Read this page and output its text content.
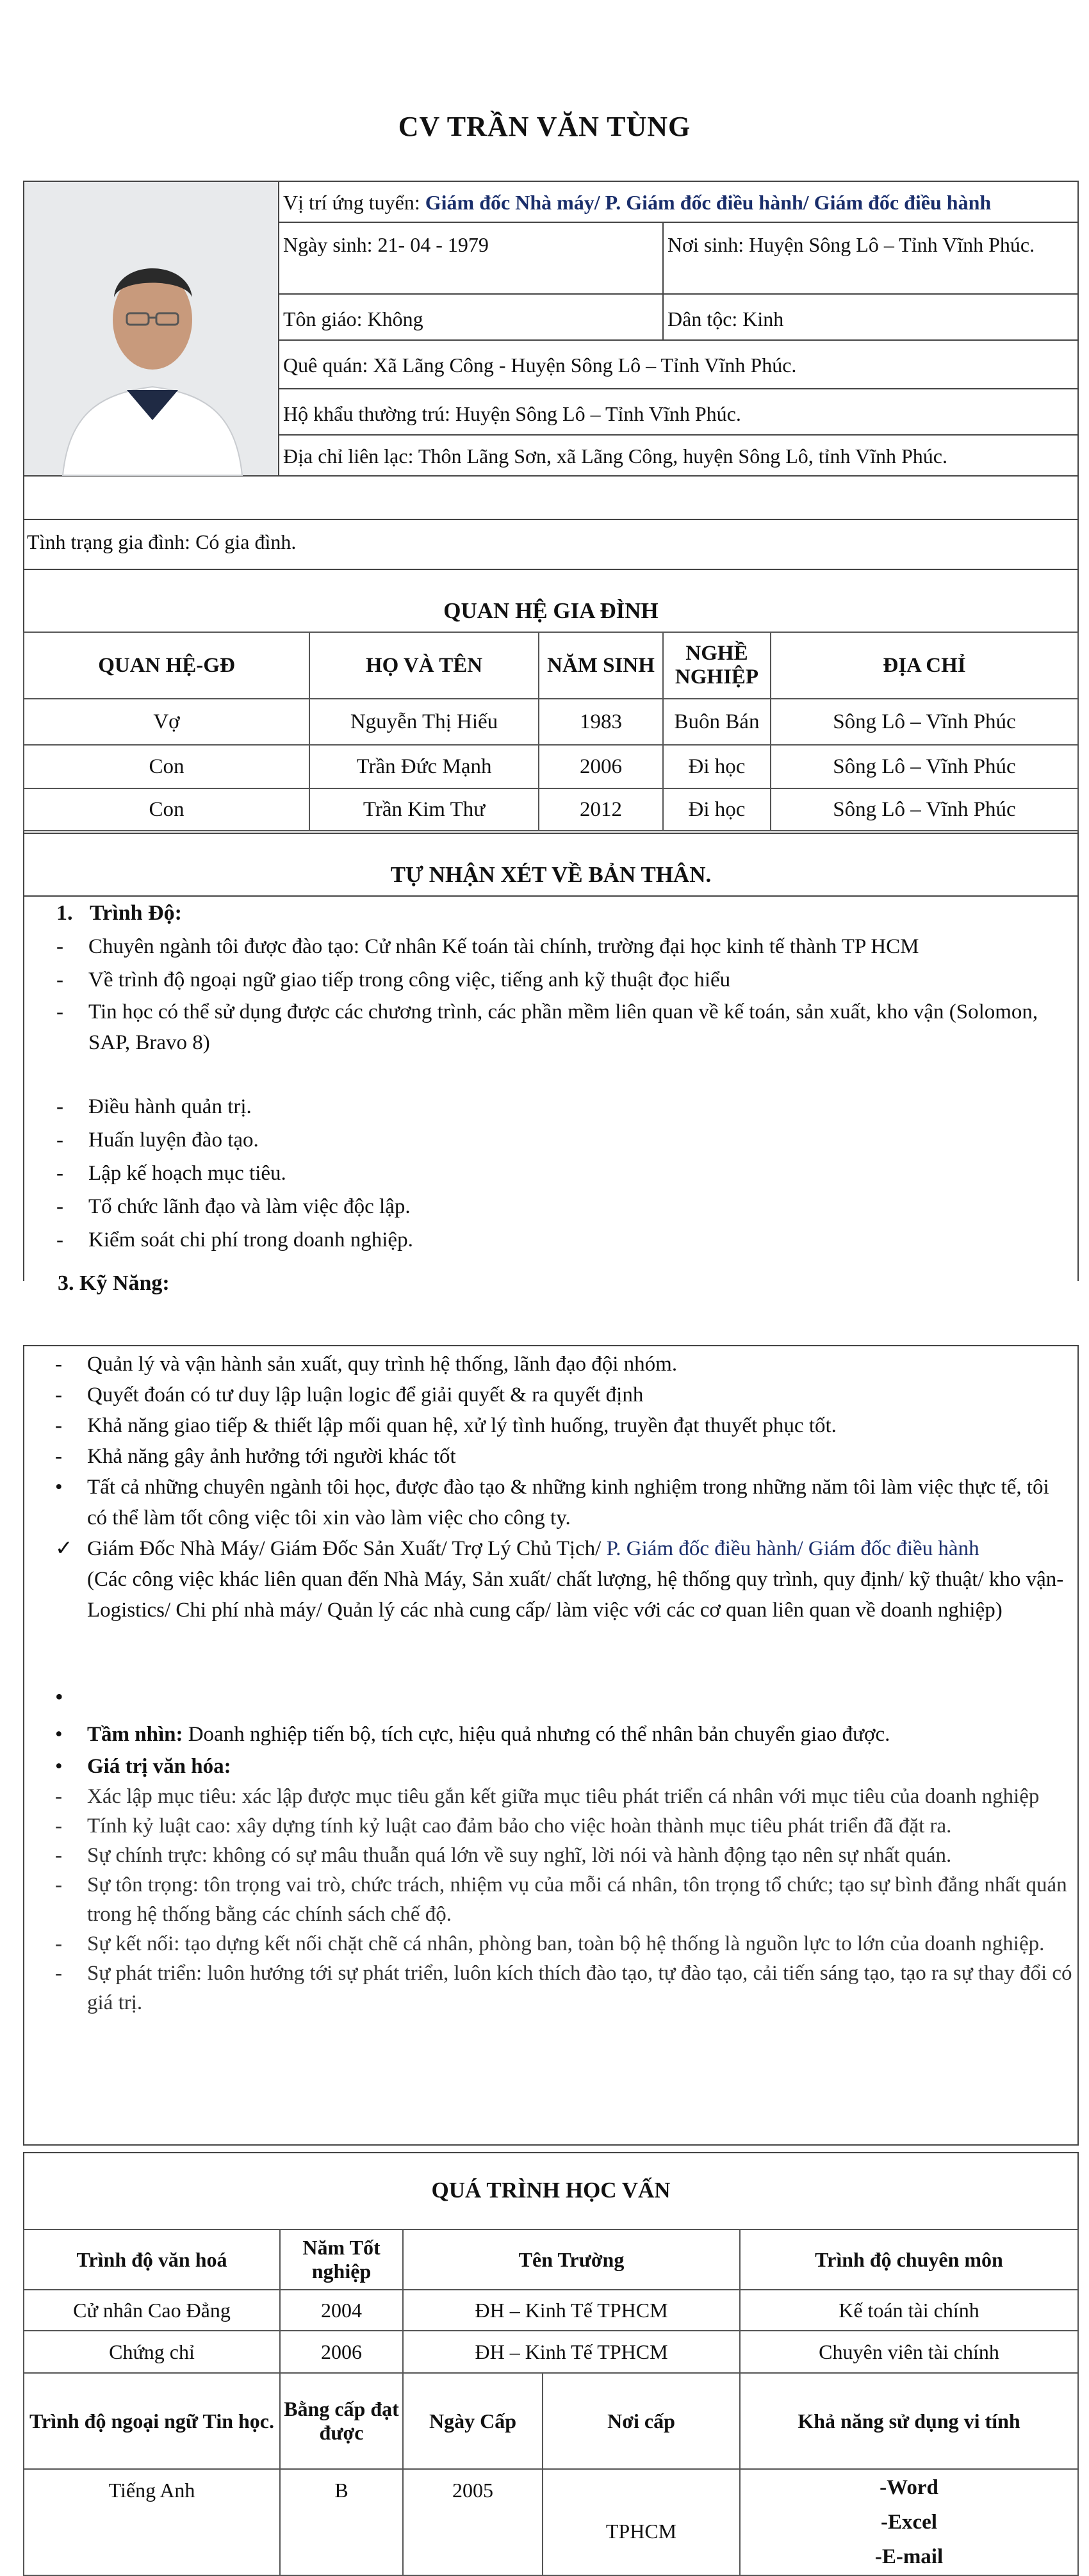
CV TRẦN VĂN TÙNG
Vị trí ứng tuyển: Giám đốc Nhà máy/ P. Giám đốc điều hành/ Giám đốc điều hành
Ngày sinh: 21- 04 - 1979	Nơi sinh: Huyện Sông Lô – Tỉnh Vĩnh Phúc.
Tôn giáo: Không	Dân tộc: Kinh
Quê quán: Xã Lãng Công - Huyện Sông Lô – Tỉnh Vĩnh Phúc.
Hộ khẩu thường trú: Huyện Sông Lô – Tỉnh Vĩnh Phúc.
Địa chỉ liên lạc: Thôn Lãng Sơn, xã Lãng Công, huyện Sông Lô, tỉnh Vĩnh Phúc.
Tình trạng gia đình: Có gia đình.
QUAN HỆ GIA ĐÌNH
QUAN HỆ-GĐ	HỌ VÀ TÊN	NĂM SINH	NGHỀ NGHIỆP	ĐỊA CHỈ
Vợ	Nguyễn Thị Hiếu	1983	Buôn Bán	Sông Lô – Vĩnh Phúc
Con	Trần Đức Mạnh	2006	Đi học	Sông Lô – Vĩnh Phúc
Con	Trần Kim Thư	2012	Đi học	Sông Lô – Vĩnh Phúc
TỰ NHẬN XÉT VỀ BẢN THÂN.
1. Trình Độ:
-	Chuyên ngành tôi được đào tạo: Cử nhân Kế toán tài chính, trường đại học kinh tế thành TP HCM
-	Về trình độ ngoại ngữ giao tiếp trong công việc, tiếng anh kỹ thuật đọc hiểu
-	Tin học có thể sử dụng được các chương trình, các phần mềm liên quan về kế toán, sản xuất, kho vận (Solomon, SAP, Bravo 8)
-	Điều hành quản trị.
-	Huấn luyện đào tạo.
-	Lập kế hoạch mục tiêu.
-	Tổ chức lãnh đạo và làm việc độc lập.
-	Kiểm soát chi phí trong doanh nghiệp.
3. Kỹ Năng:
-	Quản lý và vận hành sản xuất, quy trình hệ thống, lãnh đạo đội nhóm.
-	Quyết đoán có tư duy lập luận logic để giải quyết & ra quyết định
-	Khả năng giao tiếp & thiết lập mối quan hệ, xử lý tình huống, truyền đạt thuyết phục tốt.
-	Khả năng gây ảnh hưởng tới người khác tốt
•	Tất cả những chuyên ngành tôi học, được đào tạo & những kinh nghiệm trong những năm tôi làm việc thực tế, tôi có thể làm tốt công việc tôi xin vào làm việc cho công ty.
✓ Giám Đốc Nhà Máy/ Giám Đốc Sản Xuất/ Trợ Lý Chủ Tịch/ P. Giám đốc điều hành/ Giám đốc điều hành
(Các công việc khác liên quan đến Nhà Máy, Sản xuất/ chất lượng, hệ thống quy trình, quy định/ kỹ thuật/ kho vận-Logistics/ Chi phí nhà máy/ Quản lý các nhà cung cấp/ làm việc với các cơ quan liên quan về doanh nghiệp)
•
• Tầm nhìn: Doanh nghiệp tiến bộ, tích cực, hiệu quả nhưng có thể nhân bản chuyển giao được.
• Giá trị văn hóa:
-	Xác lập mục tiêu: xác lập được mục tiêu gắn kết giữa mục tiêu phát triển cá nhân với mục tiêu của doanh nghiệp
-	Tính kỷ luật cao: xây dựng tính kỷ luật cao đảm bảo cho việc hoàn thành mục tiêu phát triển đã đặt ra.
-	Sự chính trực: không có sự mâu thuẫn quá lớn về suy nghĩ, lời nói và hành động tạo nên sự nhất quán.
-	Sự tôn trọng: tôn trọng vai trò, chức trách, nhiệm vụ của mỗi cá nhân, tôn trọng tổ chức; tạo sự bình đẳng nhất quán trong hệ thống bằng các chính sách chế độ.
-	Sự kết nối: tạo dựng kết nối chặt chẽ cá nhân, phòng ban, toàn bộ hệ thống là nguồn lực to lớn của doanh nghiệp.
-	Sự phát triển: luôn hướng tới sự phát triển, luôn kích thích đào tạo, tự đào tạo, cải tiến sáng tạo, tạo ra sự thay đổi có giá trị.
QUÁ TRÌNH HỌC VẤN
Trình độ văn hoá	Năm Tốt nghiệp	Tên Trường		Trình độ chuyên môn
Cử nhân Cao Đẳng	2004	ĐH – Kinh Tế TPHCM		Kế toán tài chính
Chứng chỉ	2006	ĐH – Kinh Tế TPHCM		Chuyên viên tài chính
Trình độ ngoại ngữ Tin học.	Bằng cấp đạt được	Ngày Cấp	Nơi cấp	Khả năng sử dụng vi tính
Tiếng Anh	B	2005	TPHCM	-Word
-Excel
-E-mail
